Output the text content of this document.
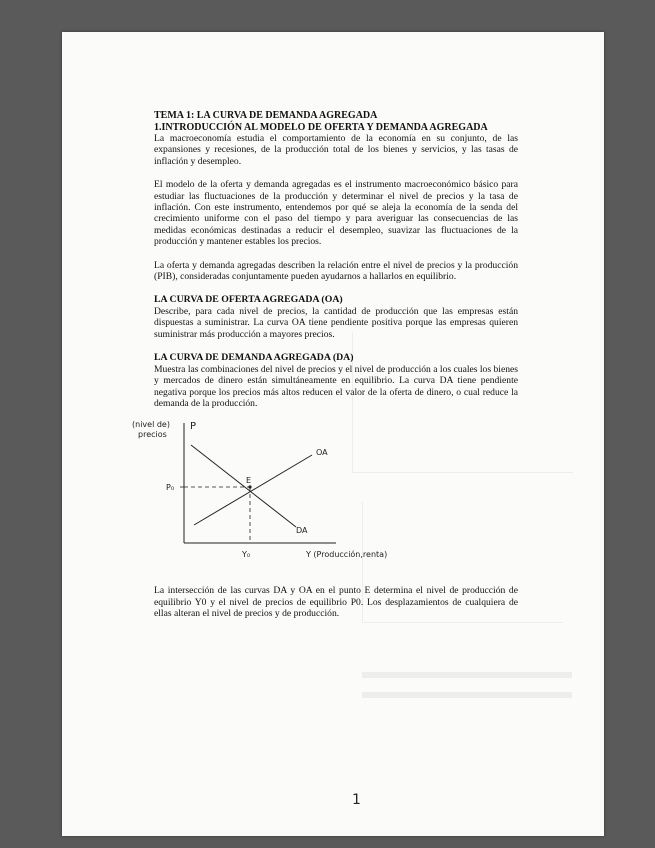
TEMA 1: LA CURVA DE DEMANDA AGREGADA
1.INTRODUCCIÓN AL MODELO DE OFERTA Y DEMANDA AGREGADA

La macroeconomía estudia el comportamiento de la economía en su conjunto, de las expansiones y recesiones, de la producción total de los bienes y servicios, y las tasas de inflación y desempleo.

El modelo de la oferta y demanda agregadas es el instrumento macroeconómico básico para estudiar las fluctuaciones de la producción y determinar el nivel de precios y la tasa de inflación. Con este instrumento, entendemos por qué se aleja la economía de la senda del crecimiento uniforme con el paso del tiempo y para averiguar las consecuencias de las medidas económicas destinadas a reducir el desempleo, suavizar las fluctuaciones de la producción y mantener estables los precios.

La oferta y demanda agregadas describen la relación entre el nivel de precios y la producción (PIB), consideradas conjuntamente pueden ayudarnos a hallarlos en equilibrio.

LA CURVA DE OFERTA AGREGADA (OA)

Describe, para cada nivel de precios, la cantidad de producción que las empresas están dispuestas a suministrar. La curva OA tiene pendiente positiva porque las empresas quieren suministrar más producción a mayores precios.

LA CURVA DE DEMANDA AGREGADA (DA)

Muestra las combinaciones del nivel de precios y el nivel de producción a los cuales los bienes y mercados de dinero están simultáneamente en equilibrio. La curva DA tiene pendiente negativa porque los precios más altos reducen el valor de la oferta de dinero, o cual reduce la demanda de la producción.

P
(nivel de)
precios
OA
DA
E
P₀
Y₀	Y (Producción,renta)

La intersección de las curvas DA y OA en el punto E determina el nivel de producción de equilibrio Y0 y el nivel de precios de equilibrio P0. Los desplazamientos de cualquiera de ellas alteran el nivel de precios y de producción.

1
